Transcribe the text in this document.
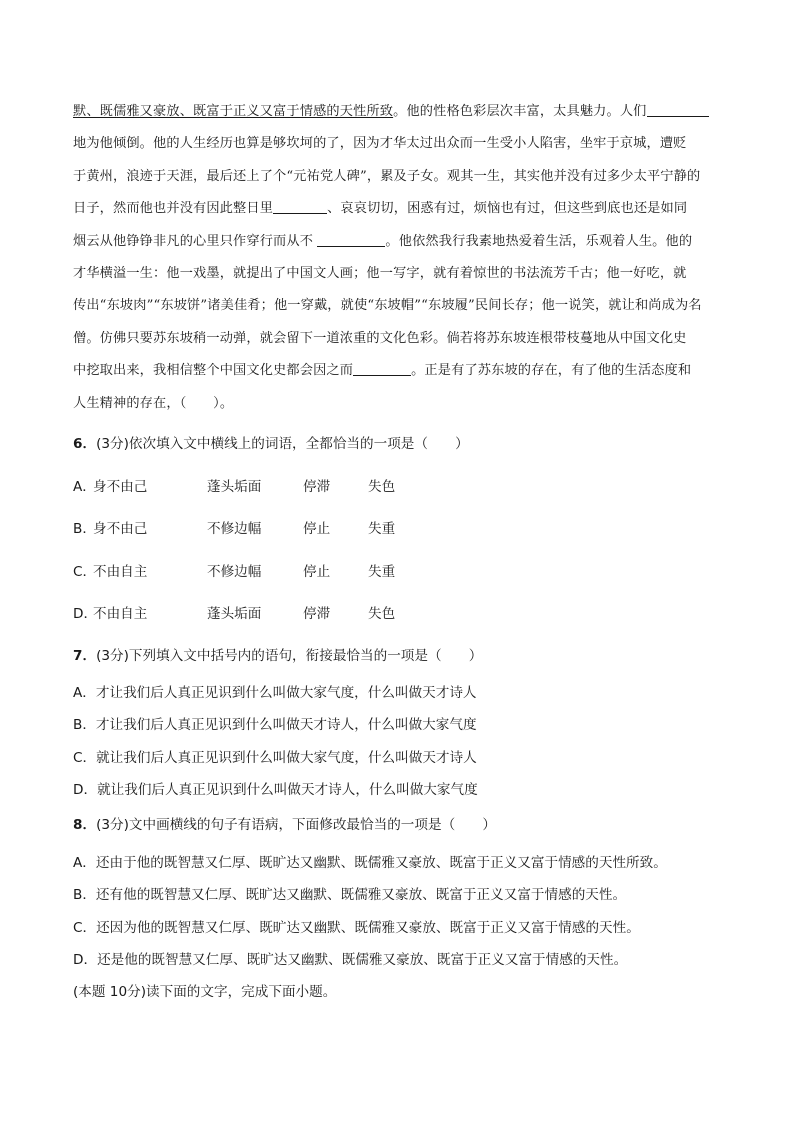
默、既儒雅又豪放、既富于正义又富于情感的天性所致。他的性格色彩层次丰富，太具魅力。人们
地为他倾倒。他的人生经历也算是够坎坷的了，因为才华太过出众而一生受小人陷害，坐牢于京城，遭贬
于黄州，浪迹于天涯，最后还上了个“元祐党人碑”，累及子女。观其一生，其实他并没有过多少太平宁静的
日子，然而他也并没有因此整日里	、哀哀切切，困惑有过，烦恼也有过，但这些到底也还是如同
烟云从他铮铮非凡的心里只作穿行而从不	。他依然我行我素地热爱着生活，乐观着人生。他的
才华横溢一生：他一戏墨，就提出了中国文人画；他一写字，就有着惊世的书法流芳千古；他一好吃，就
传出“东坡肉”“东坡饼”诸美佳肴；他一穿戴，就使“东坡帽”“东坡履”民间长存；他一说笑，就让和尚成为名
僧。仿佛只要苏东坡稍一动弹，就会留下一道浓重的文化色彩。倘若将苏东坡连根带枝蔓地从中国文化史
中挖取出来，我相信整个中国文化史都会因之而	。正是有了苏东坡的存在，有了他的生活态度和
人生精神的存在，（　　）。
6．(3分)依次填入文中横线上的词语，全都恰当的一项是（　　）
A．
身不由己	蓬头垢面	停滞	失色
B．
身不由己	不修边幅	停止	失重
C．
不由自主	不修边幅	停止	失重
D．
不由自主	蓬头垢面	停滞	失色
7．(3分)下列填入文中括号内的语句，衔接最恰当的一项是（　　）
A．才让我们后人真正见识到什么叫做大家气度，什么叫做天才诗人
B．才让我们后人真正见识到什么叫做天才诗人，什么叫做大家气度
C．就让我们后人真正见识到什么叫做大家气度，什么叫做天才诗人
D．就让我们后人真正见识到什么叫做天才诗人，什么叫做大家气度
8．(3分)文中画横线的句子有语病，下面修改最恰当的一项是（　　）
A．还由于他的既智慧又仁厚、既旷达又幽默、既儒雅又豪放、既富于正义又富于情感的天性所致。
B．还有他的既智慧又仁厚、既旷达又幽默、既儒雅又豪放、既富于正义又富于情感的天性。
C．还因为他的既智慧又仁厚、既旷达又幽默、既儒雅又豪放、既富于正义又富于情感的天性。
D．还是他的既智慧又仁厚、既旷达又幽默、既儒雅又豪放、既富于正义又富于情感的天性。
(本题 10分)读下面的文字，完成下面小题。
